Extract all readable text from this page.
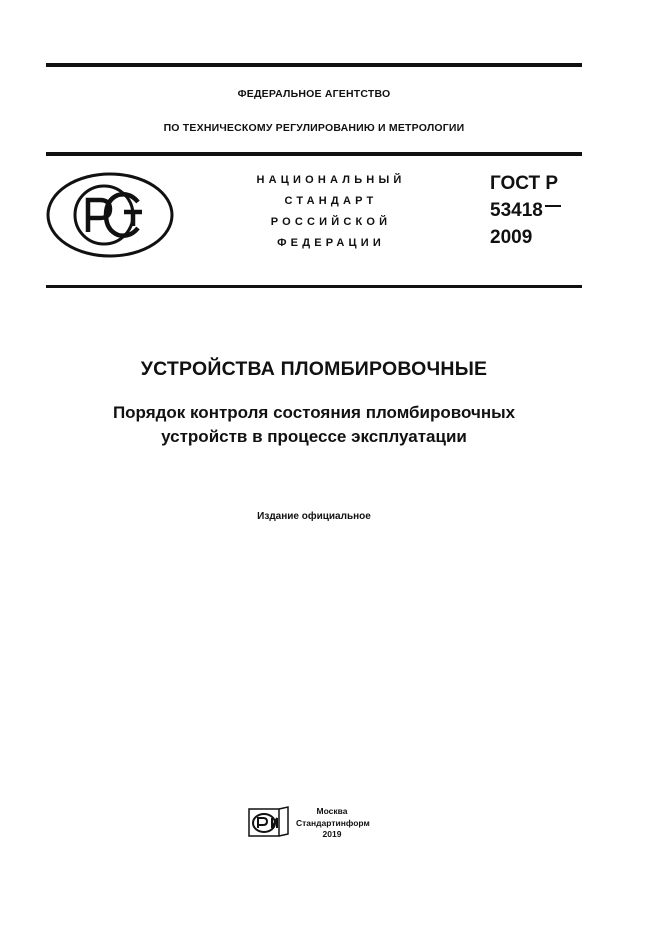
ФЕДЕРАЛЬНОЕ АГЕНТСТВО
ПО ТЕХНИЧЕСКОМУ РЕГУЛИРОВАНИЮ И МЕТРОЛОГИИ
НАЦИОНАЛЬНЫЙ
СТАНДАРТ
РОССИЙСКОЙ
ФЕДЕРАЦИИ
ГОСТ Р
53418
2009
УСТРОЙСТВА ПЛОМБИРОВОЧНЫЕ
Порядок контроля состояния пломбировочных
устройств в процессе эксплуатации
Издание официальное
Москва
Стандартинформ
2019
